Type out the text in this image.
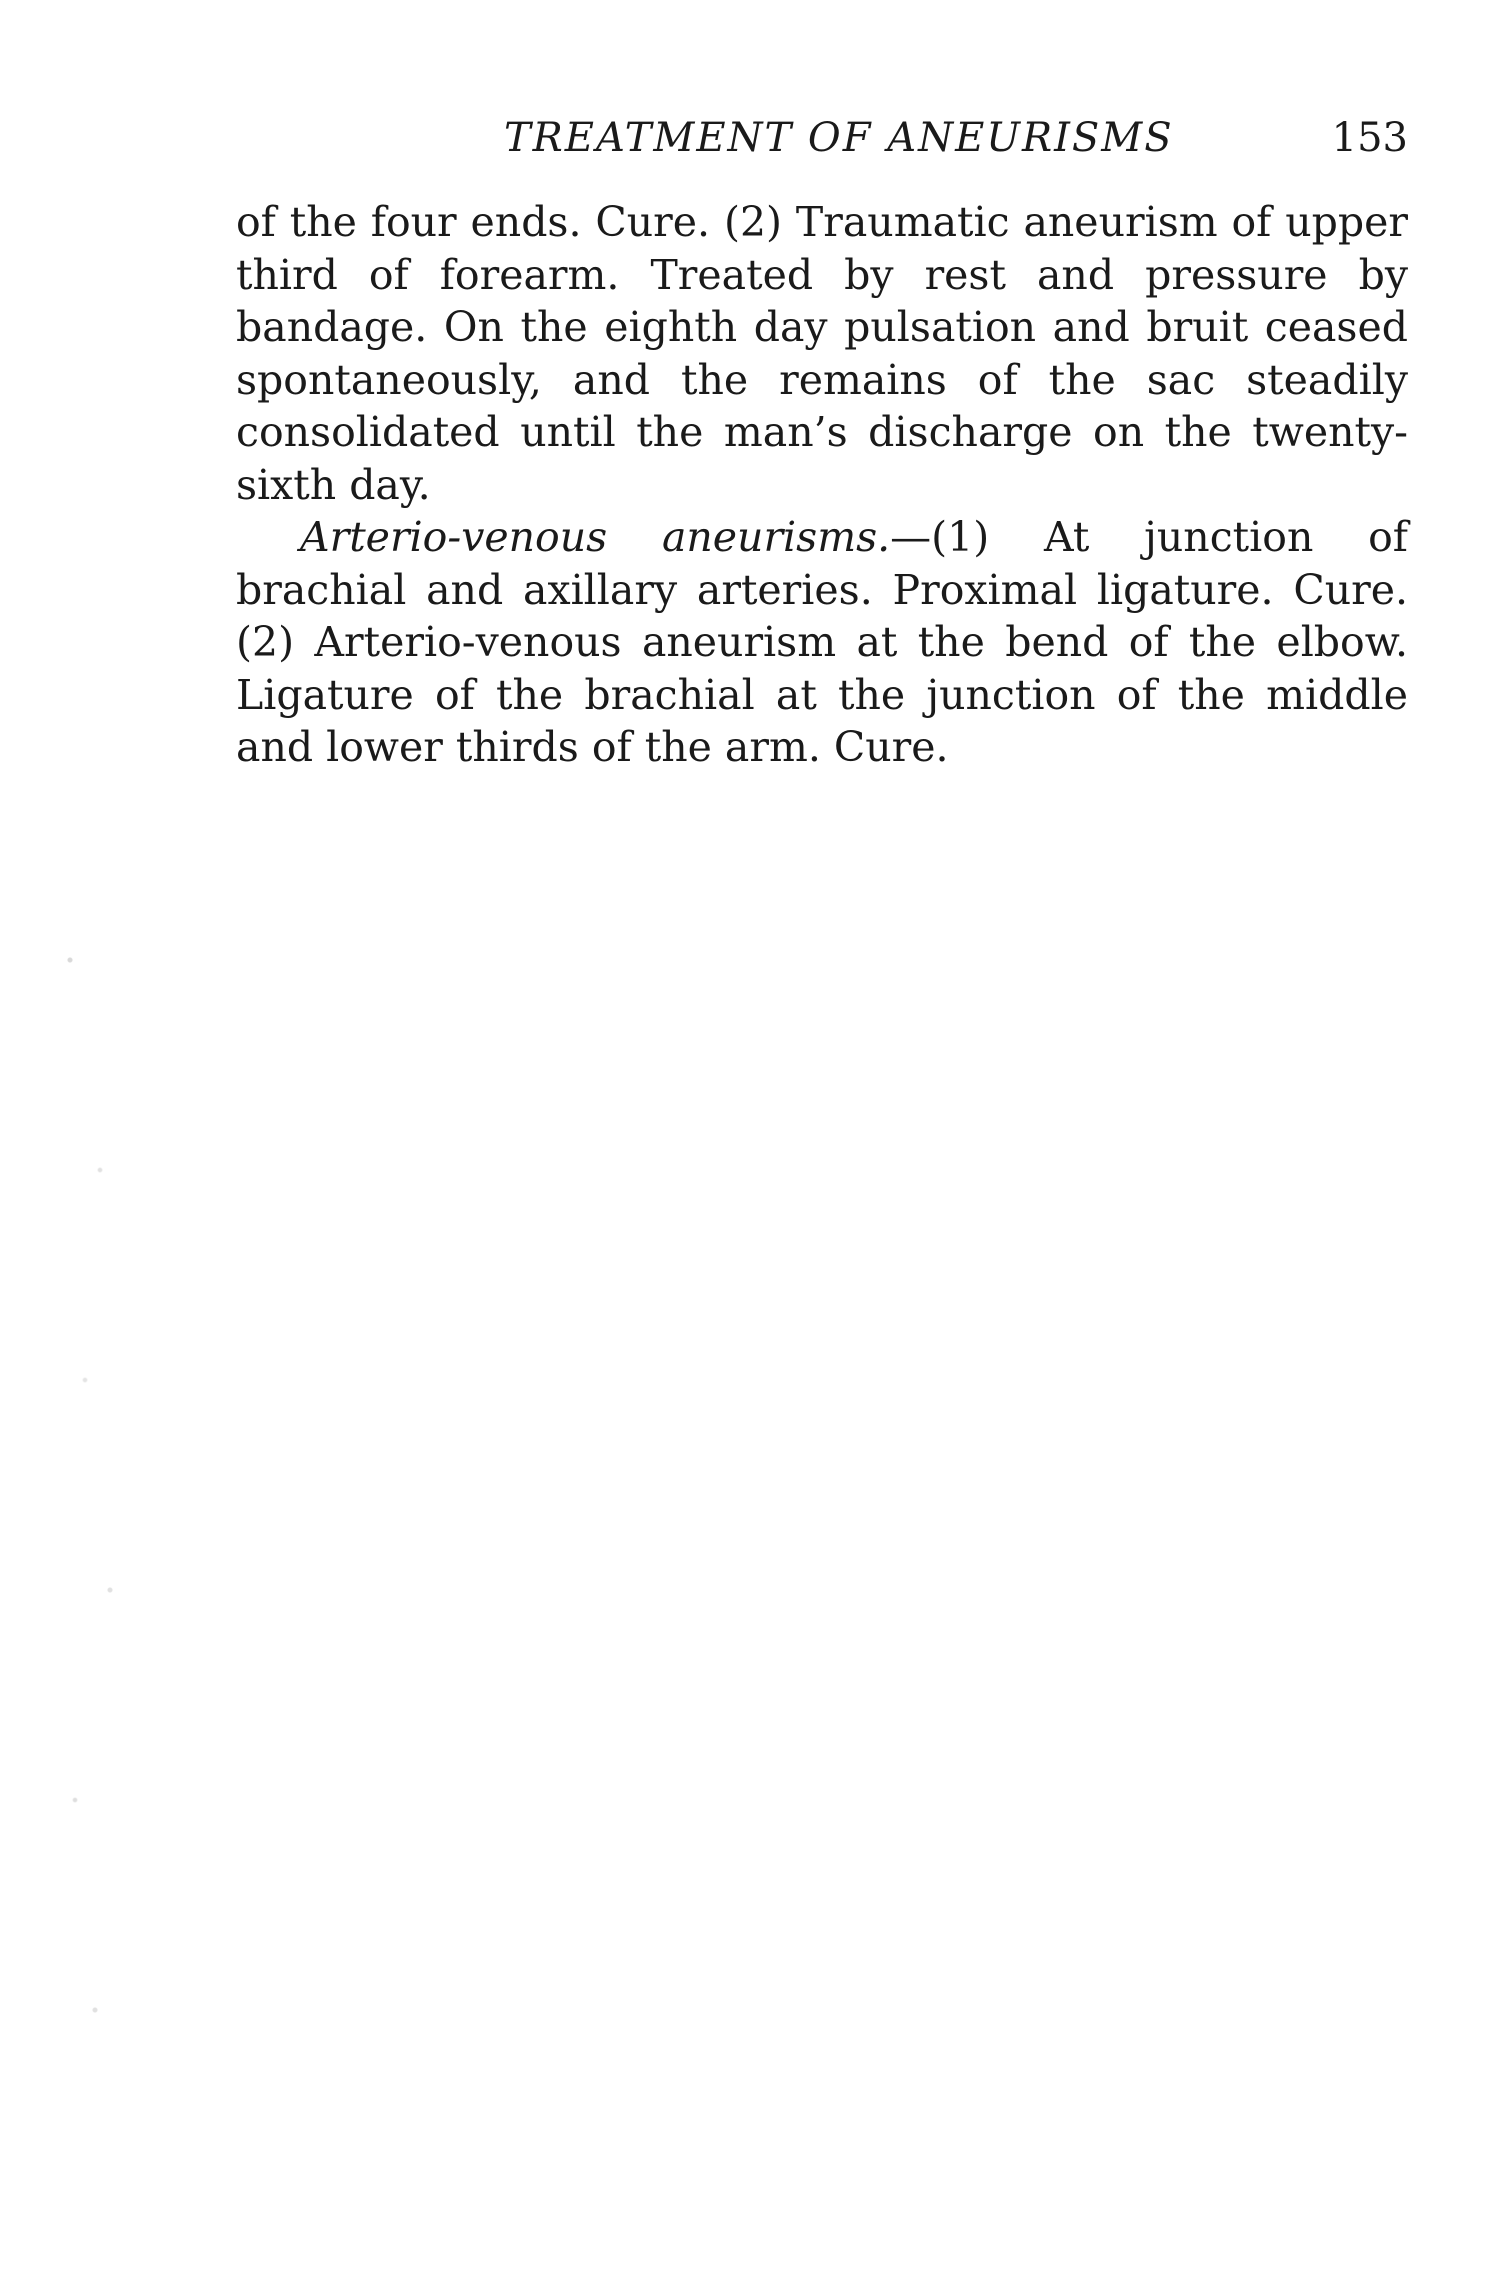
TREATMENT OF ANEURISMS	153

of the four ends. Cure. (2) Traumatic aneurism of upper third of forearm. Treated by rest and pressure by bandage. On the eighth day pulsation and bruit ceased spontaneously, and the remains of the sac steadily consolidated until the man’s discharge on the twenty-sixth day.

Arterio-venous aneurisms.—(1) At junction of brachial and axillary arteries. Proximal ligature. Cure. (2) Arterio-venous aneurism at the bend of the elbow. Ligature of the brachial at the junction of the middle and lower thirds of the arm. Cure.
